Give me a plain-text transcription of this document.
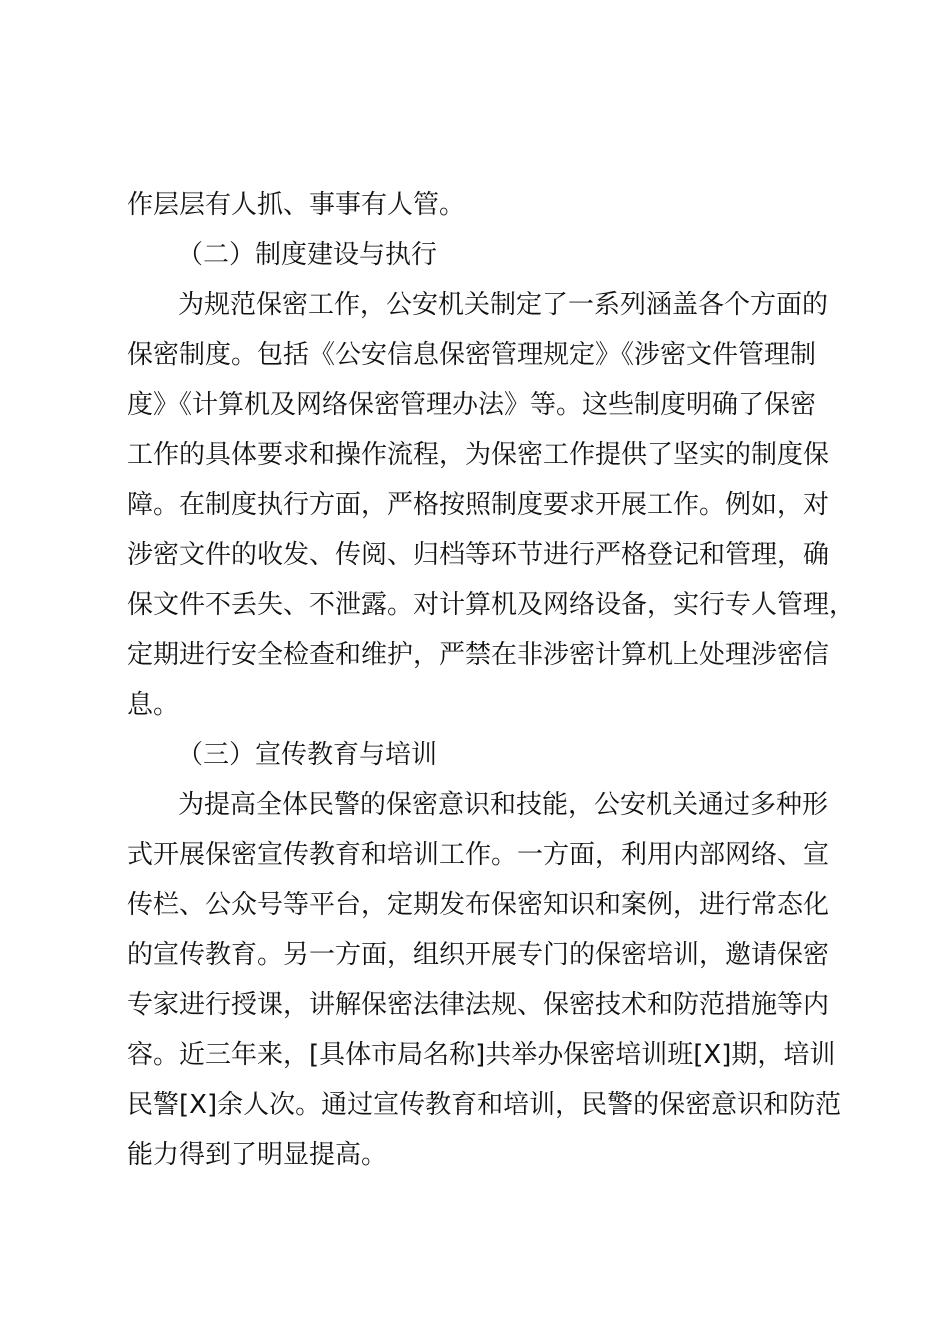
作层层有人抓、事事有人管。
（二）制度建设与执行
为规范保密工作，公安机关制定了一系列涵盖各个方面的
保密制度。包括《公安信息保密管理规定》《涉密文件管理制
度》《计算机及网络保密管理办法》等。这些制度明确了保密
工作的具体要求和操作流程，为保密工作提供了坚实的制度保
障。在制度执行方面，严格按照制度要求开展工作。例如，对
涉密文件的收发、传阅、归档等环节进行严格登记和管理，确
保文件不丢失、不泄露。对计算机及网络设备，实行专人管理，
定期进行安全检查和维护，严禁在非涉密计算机上处理涉密信
息。
（三）宣传教育与培训
为提高全体民警的保密意识和技能，公安机关通过多种形
式开展保密宣传教育和培训工作。一方面，利用内部网络、宣
传栏、公众号等平台，定期发布保密知识和案例，进行常态化
的宣传教育。另一方面，组织开展专门的保密培训，邀请保密
专家进行授课，讲解保密法律法规、保密技术和防范措施等内
容。近三年来，[具体市局名称]共举办保密培训班[X]期，培训
民警[X]余人次。通过宣传教育和培训，民警的保密意识和防范
能力得到了明显提高。
